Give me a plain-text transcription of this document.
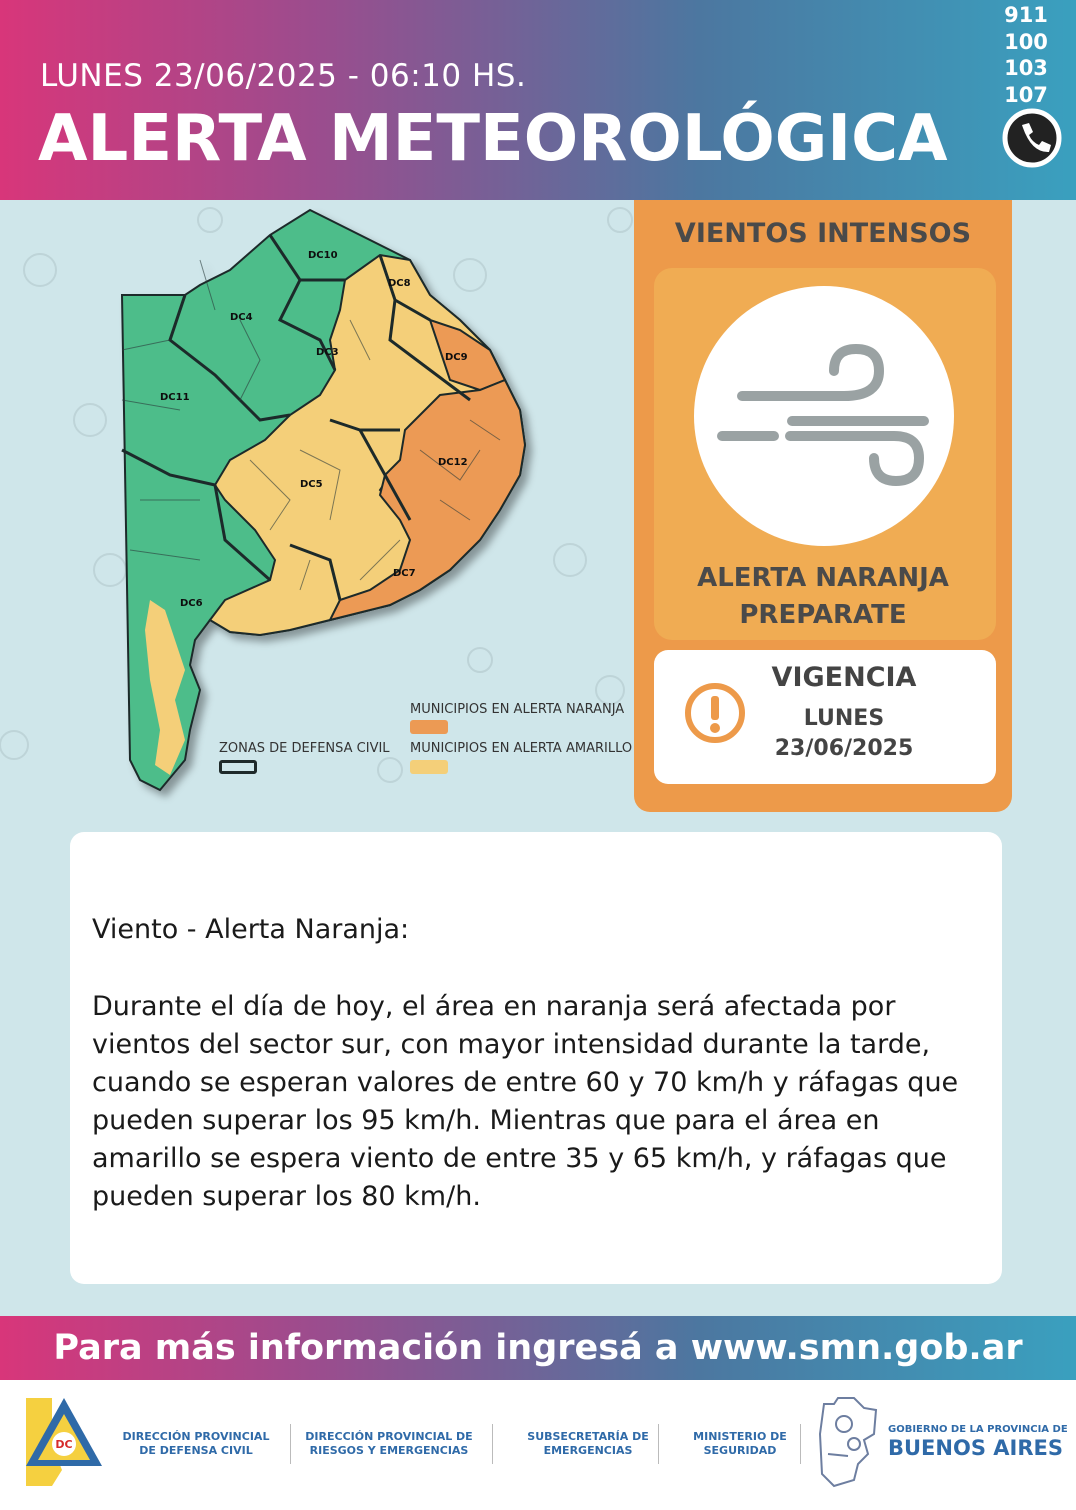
LUNES 23/06/2025 - 06:10 HS.
ALERTA METEOROLÓGICA
911
100
103
107
DC10
DC8
DC4
DC3	DC9
DC11
DC12
DC5
DC7
DC6
MUNICIPIOS EN ALERTA NARANJA
MUNICIPIOS EN ALERTA AMARILLO
ZONAS DE DEFENSA CIVIL
VIENTOS INTENSOS
ALERTA NARANJA
PREPARATE
VIGENCIA
LUNES
23/06/2025
Viento - Alerta Naranja:
Durante el día de hoy, el área en naranja será afectada por vientos del sector sur, con mayor intensidad durante la tarde, cuando se esperan valores de entre 60 y 70 km/h y ráfagas que pueden superar los 95 km/h. Mientras que para el área en amarillo se espera viento de entre 35 y 65 km/h, y ráfagas que pueden superar los 80 km/h.
Para más información ingresá a www.smn.gob.ar
DC
DIRECCIÓN PROVINCIAL
DE DEFENSA CIVIL
DIRECCIÓN PROVINCIAL DE
RIESGOS Y EMERGENCIAS
SUBSECRETARÍA DE
EMERGENCIAS
MINISTERIO DE
SEGURIDAD
GOBIERNO DE LA PROVINCIA DE
BUENOS AIRES
